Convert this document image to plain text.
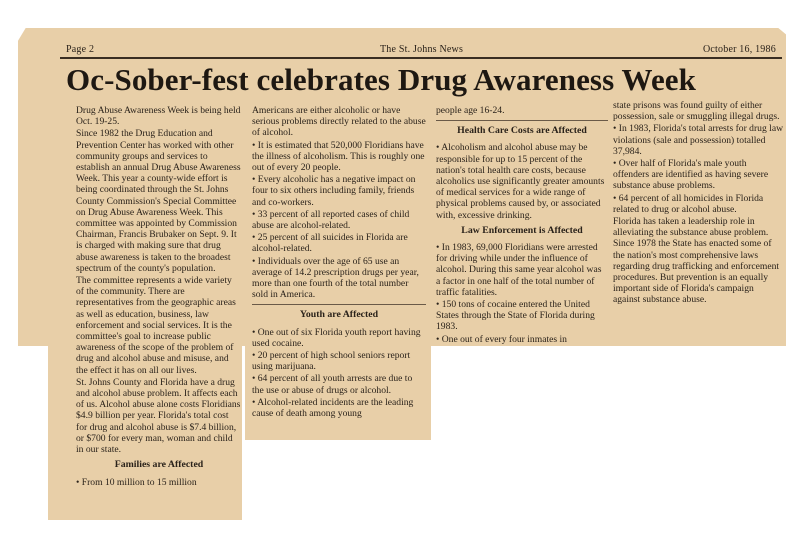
Page 2	The St. Johns News	October 16, 1986
Oc-Sober-fest celebrates Drug Awareness Week

Drug Abuse Awareness Week is being held Oct. 19-25.

Since 1982 the Drug Education and Prevention Center has worked with other community groups and services to establish an annual Drug Abuse Awareness Week. This year a county-wide effort is being coordinated through the St. Johns County Commission's Special Committee on Drug Abuse Awareness Week. This committee was appointed by Commission Chairman, Francis Brubaker on Sept. 9. It is charged with making sure that drug abuse awareness is taken to the broadest spectrum of the county's population.

The committee represents a wide variety of the community. There are representatives from the geographic areas as well as education, business, law enforcement and social services. It is the committee's goal to increase public awareness of the scope of the problem of drug and alcohol abuse and misuse, and the effect it has on all our lives.

St. Johns County and Florida have a drug and alcohol abuse problem. It affects each of us. Alcohol abuse alone costs Floridians $4.9 billion per year. Florida's total cost for drug and alcohol abuse is $7.4 billion, or $700 for every man, woman and child in our state.

Families are Affected

• From 10 million to 15 million

Americans are either alcoholic or have serious problems directly related to the abuse of alcohol.

• It is estimated that 520,000 Floridians have the illness of alcoholism. This is roughly one out of every 20 people.

• Every alcoholic has a negative impact on four to six others including family, friends and co-workers.

• 33 percent of all reported cases of child abuse are alcohol-related.

• 25 percent of all suicides in Florida are alcohol-related.

• Individuals over the age of 65 use an average of 14.2 prescription drugs per year, more than one fourth of the total number sold in America.

Youth are Affected

• One out of six Florida youth report having used cocaine.

• 20 percent of high school seniors report using marijuana.

• 64 percent of all youth arrests are due to the use or abuse of drugs or alcohol.

• Alcohol-related incidents are the leading cause of death among young

people age 16-24.

Health Care Costs are Affected

• Alcoholism and alcohol abuse may be responsible for up to 15 percent of the nation's total health care costs, because alcoholics use significantly greater amounts of medical services for a wide range of physical problems caused by, or associated with, excessive drinking.

Law Enforcement is Affected

• In 1983, 69,000 Floridians were arrested for driving while under the influence of alcohol. During this same year alcohol was a factor in one half of the total number of traffic fatalities.

• 150 tons of cocaine entered the United States through the State of Florida during 1983.

• One out of every four inmates in

state prisons was found guilty of either possession, sale or smuggling illegal drugs.

• In 1983, Florida's total arrests for drug law violations (sale and possession) totalled 37,984.

• Over half of Florida's male youth offenders are identified as having severe substance abuse problems.

• 64 percent of all homicides in Florida related to drug or alcohol abuse.

Florida has taken a leadership role in alleviating the substance abuse problem. Since 1978 the State has enacted some of the nation's most comprehensive laws regarding drug trafficking and enforcement procedures. But prevention is an equally important side of Florida's campaign against substance abuse.
